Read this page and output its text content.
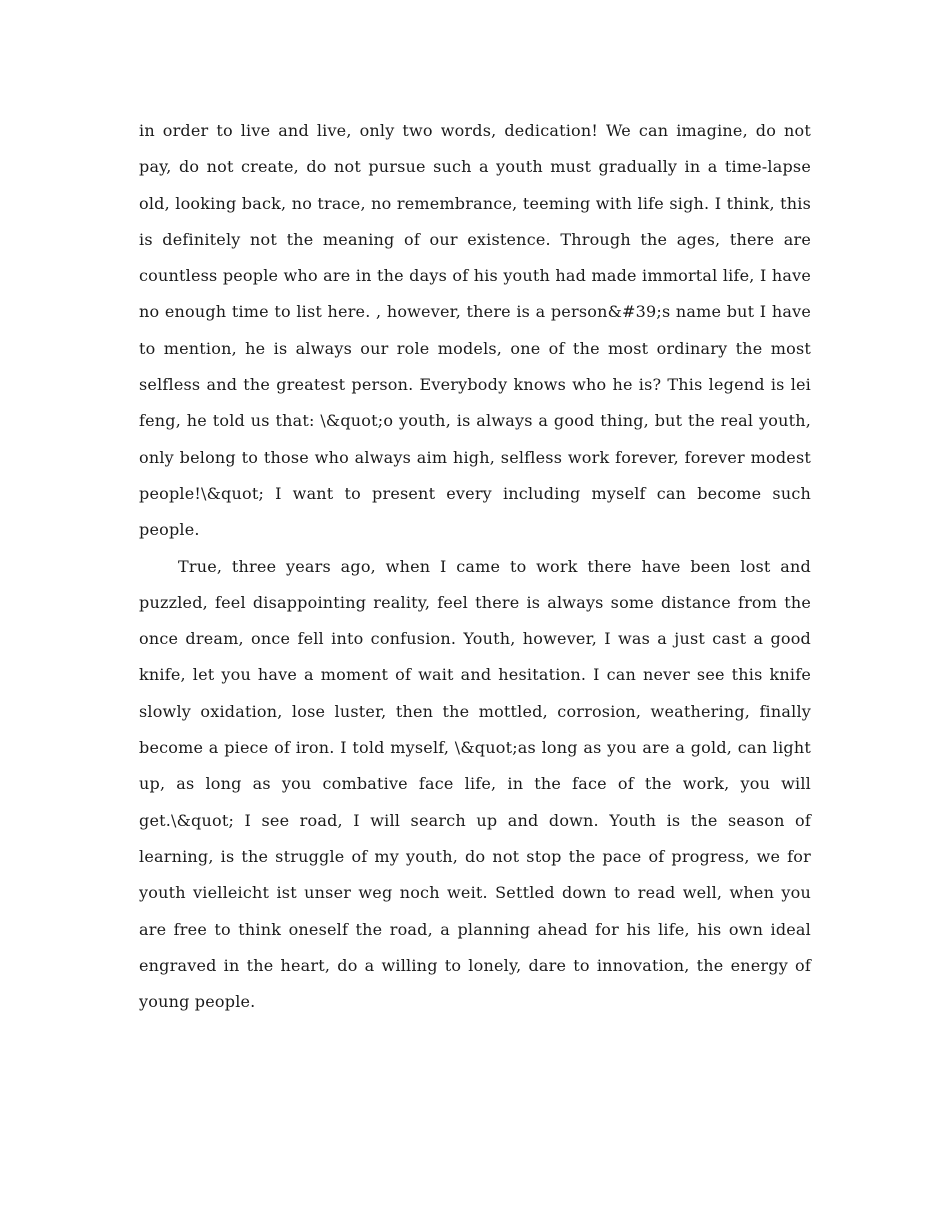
in order to live and live, only two words, dedication! We can imagine, do not pay, do not create, do not pursue such a youth must gradually in a time-lapse old, looking back, no trace, no remembrance, teeming with life sigh. I think, this is definitely not the meaning of our existence. Through the ages, there are countless people who are in the days of his youth had made immortal life, I have no enough time to list here. , however, there is a person&#39;s name but I have to mention, he is always our role models, one of the most ordinary the most selfless and the greatest person. Everybody knows who he is? This legend is lei feng, he told us that: \&quot;o youth, is always a good thing, but the real youth, only belong to those who always aim high, selfless work forever, forever modest people!\&quot; I want to present every including myself can become such people.

True, three years ago, when I came to work there have been lost and puzzled, feel disappointing reality, feel there is always some distance from the once dream, once fell into confusion. Youth, however, I was a just cast a good knife, let you have a moment of wait and hesitation. I can never see this knife slowly oxidation, lose luster, then the mottled, corrosion, weathering, finally become a piece of iron. I told myself, \&quot;as long as you are a gold, can light up, as long as you combative face life, in the face of the work, you will get.\&quot; I see road, I will search up and down. Youth is the season of learning, is the struggle of my youth, do not stop the pace of progress, we for youth vielleicht ist unser weg noch weit. Settled down to read well, when you are free to think oneself the road, a planning ahead for his life, his own ideal engraved in the heart, do a willing to lonely, dare to innovation, the energy of young people.
